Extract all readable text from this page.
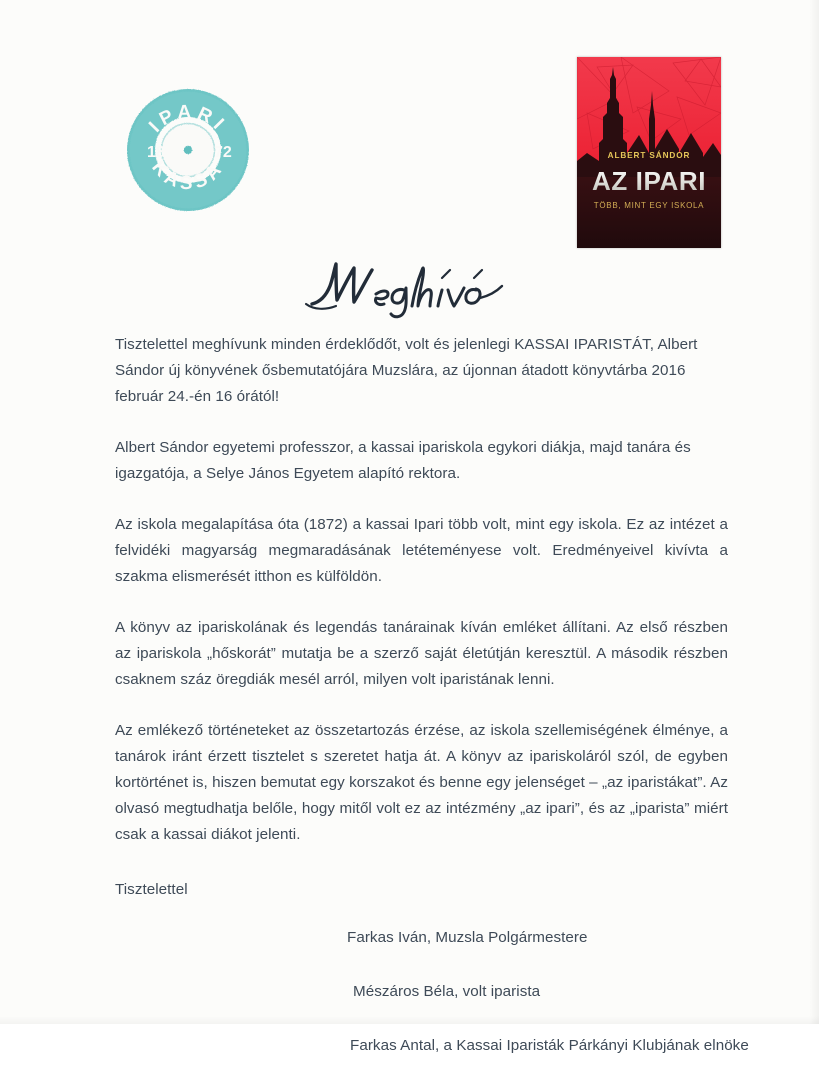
IPARI
KASSA
18	72	ALBERT SÁNDOR
AZ IPARI
TÖBB, MINT EGY ISKOLA

Tisztelettel meghívunk minden érdeklődőt, volt és jelenlegi KASSAI IPARISTÁT, Albert Sándor új könyvének ősbemutatójára Muzslára, az újonnan átadott könyvtárba 2016 február 24.-én 16 órától!

Albert Sándor egyetemi professzor, a kassai ipariskola egykori diákja, majd tanára és igazgatója, a Selye János Egyetem alapító rektora.

Az iskola megalapítása óta (1872) a kassai Ipari több volt, mint egy iskola. Ez az intézet a felvidéki magyarság megmaradásának letéteményese volt. Eredményeivel kivívta a szakma elismerését itthon es külföldön.

A könyv az ipariskolának és legendás tanárainak kíván emléket állítani. Az első részben az ipariskola „hőskorát” mutatja be a szerző saját életútján keresztül. A második részben csaknem száz öregdiák mesél arról, milyen volt iparistának lenni.

Az emlékező történeteket az összetartozás érzése, az iskola szellemiségének élménye, a tanárok iránt érzett tisztelet s szeretet hatja át. A könyv az ipariskoláról szól, de egyben kortörténet is, hiszen bemutat egy korszakot és benne egy jelenséget – „az iparistákat”. Az olvasó megtudhatja belőle, hogy mitől volt ez az intézmény „az ipari”, és az „iparista” miért csak a kassai diákot jelenti.

Tisztelettel

Farkas Iván, Muzsla Polgármestere

Mészáros Béla, volt iparista

Farkas Antal, a Kassai Iparisták Párkányi Klubjának elnöke
